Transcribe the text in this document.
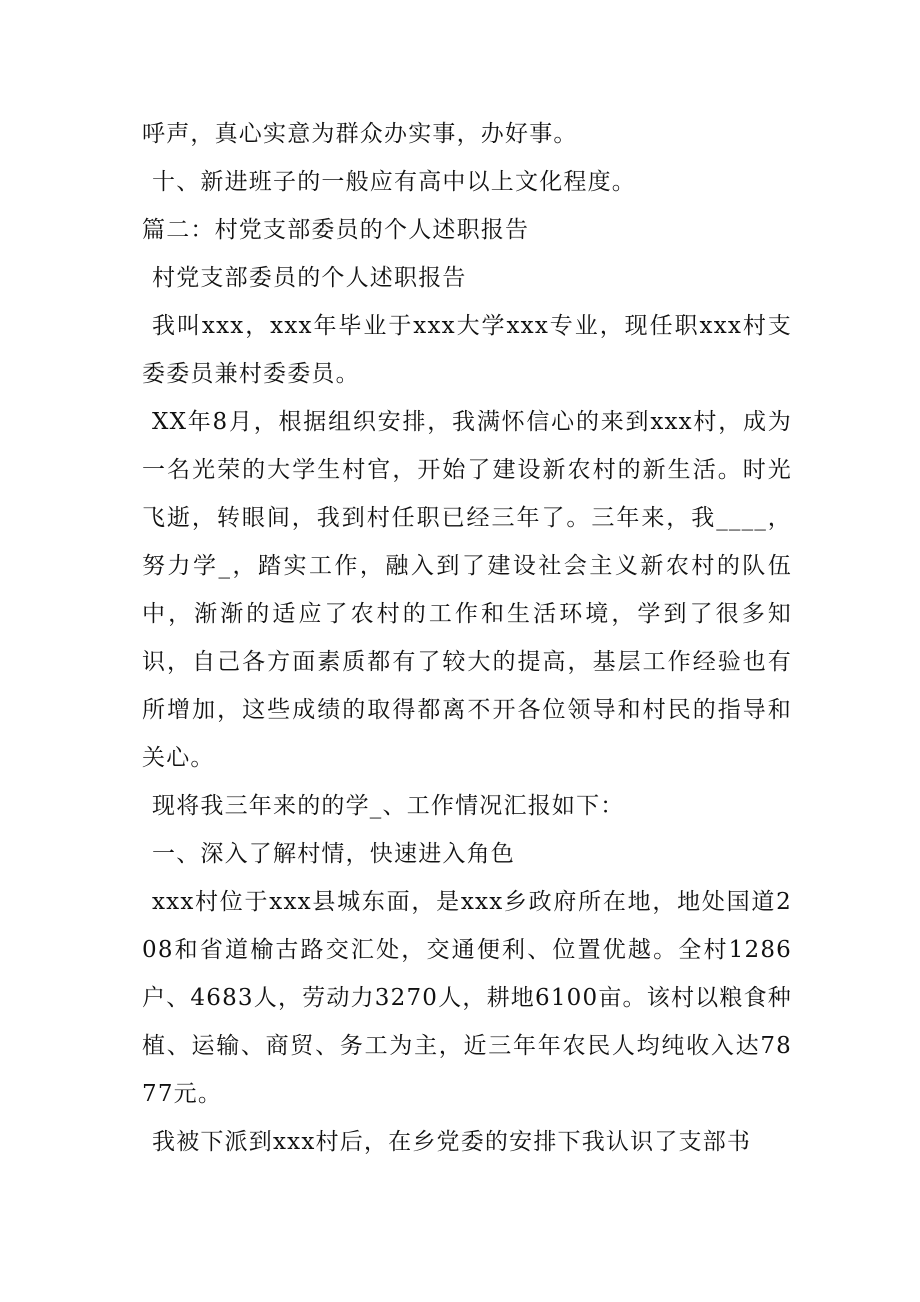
呼声，真心实意为群众办实事，办好事。

十、新进班子的一般应有高中以上文化程度。

篇二：村党支部委员的个人述职报告

村党支部委员的个人述职报告

我叫xxx，xxx年毕业于xxx大学xxx专业，现任职xxx村支委委员兼村委委员。

XX年8月，根据组织安排，我满怀信心的来到xxx村，成为一名光荣的大学生村官，开始了建设新农村的新生活。时光飞逝，转眼间，我到村任职已经三年了。三年来，我____，努力学_，踏实工作，融入到了建设社会主义新农村的队伍中，渐渐的适应了农村的工作和生活环境，学到了很多知识，自己各方面素质都有了较大的提高，基层工作经验也有所增加，这些成绩的取得都离不开各位领导和村民的指导和关心。

现将我三年来的的学_、工作情况汇报如下：

一、深入了解村情，快速进入角色

xxx村位于xxx县城东面，是xxx乡政府所在地，地处国道208和省道榆古路交汇处，交通便利、位置优越。全村1286户、4683人，劳动力3270人，耕地6100亩。该村以粮食种植、运输、商贸、务工为主，近三年年农民人均纯收入达7877元。

我被下派到xxx村后，在乡党委的安排下我认识了支部书
